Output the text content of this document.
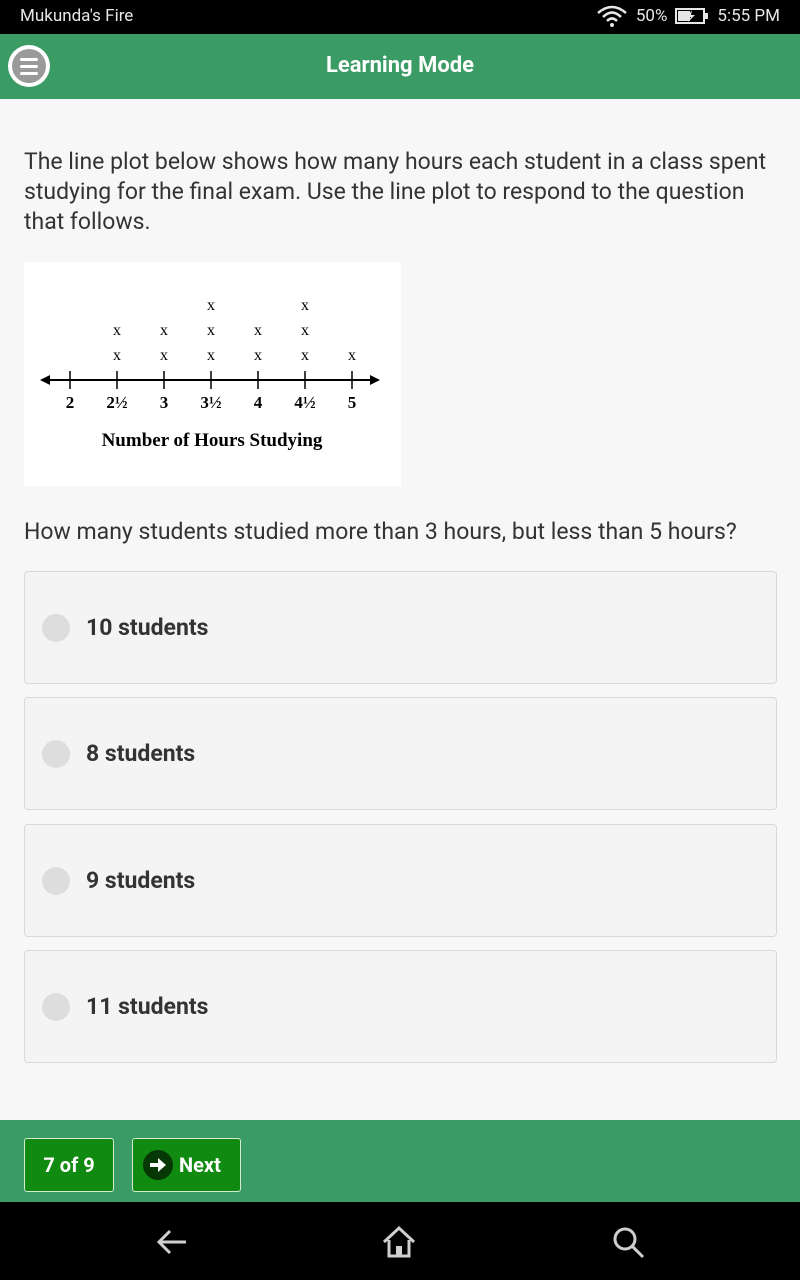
Mukunda's Fire	50%	5:55 PM
Learning Mode

The line plot below shows how many hours each student in a class spent studying for the final exam. Use the line plot to respond to the question that follows.

2 2½
x
x
3
x
x
3½
x
x
x
4
x
x
4½
x
x
x
5
x
Number of Hours Studying

How many students studied more than 3 hours, but less than 5 hours?

10 students
8 students
9 students
11 students
7 of 9	Next
